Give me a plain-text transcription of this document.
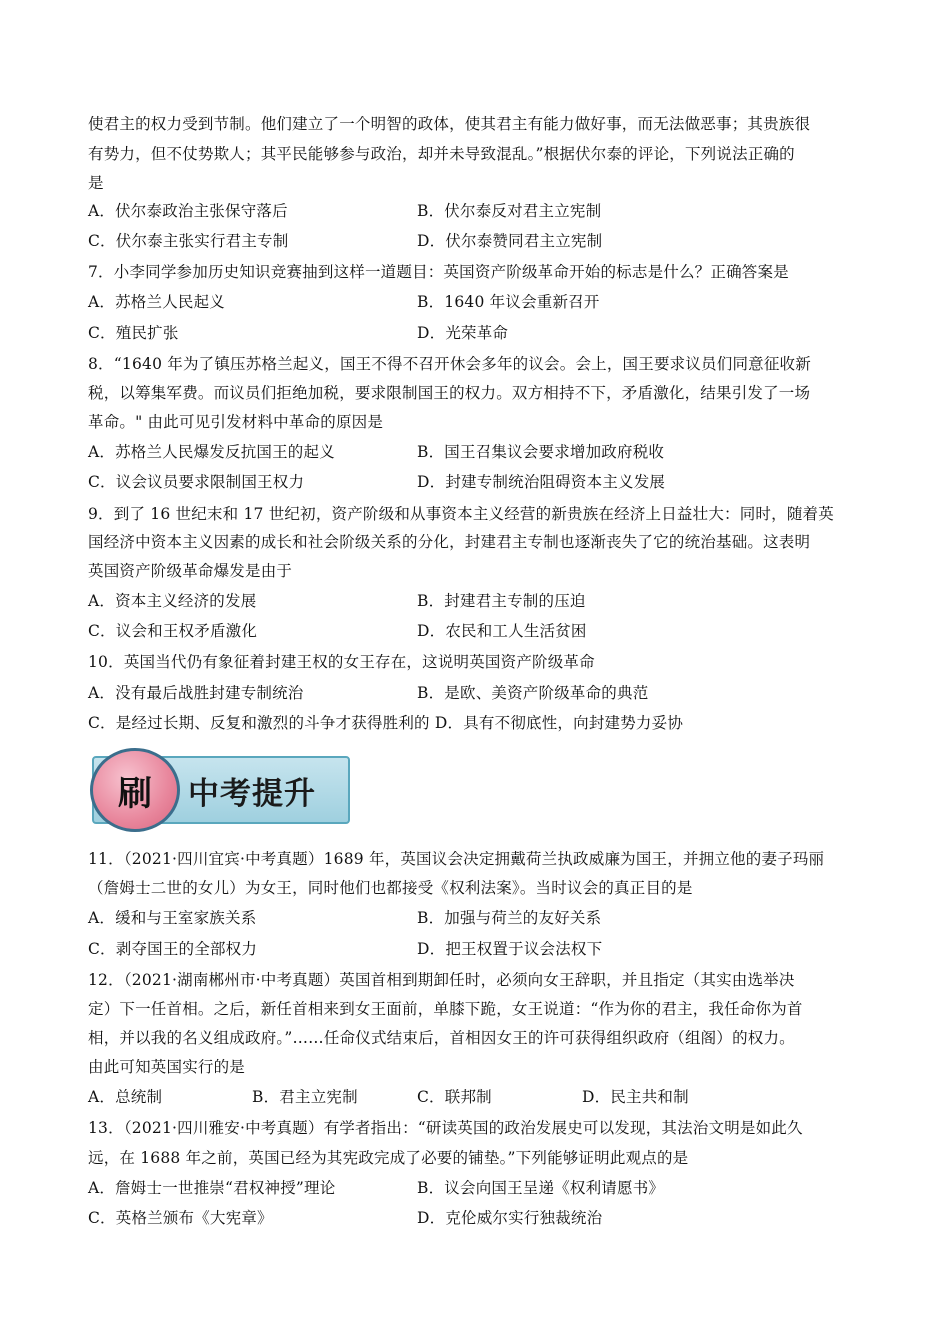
使君主的权力受到节制。他们建立了一个明智的政体，使其君主有能力做好事，而无法做恶事；其贵族很
有势力，但不仗势欺人；其平民能够参与政治，却并未导致混乱。”根据伏尔泰的评论，下列说法正确的
是
A．伏尔泰政治主张保守落后	B．伏尔泰反对君主立宪制
C．伏尔泰主张实行君主专制	D．伏尔泰赞同君主立宪制
7．小李同学参加历史知识竞赛抽到这样一道题目：英国资产阶级革命开始的标志是什么？正确答案是
A．苏格兰人民起义	B．1640 年议会重新召开
C．殖民扩张	D．光荣革命
8．“1640 年为了镇压苏格兰起义，国王不得不召开休会多年的议会。会上，国王要求议员们同意征收新
税，以筹集军费。而议员们拒绝加税，要求限制国王的权力。双方相持不下，矛盾激化，结果引发了一场
革命。" 由此可见引发材料中革命的原因是
A．苏格兰人民爆发反抗国王的起义	B．国王召集议会要求增加政府税收
C．议会议员要求限制国王权力	D．封建专制统治阻碍资本主义发展
9．到了 16 世纪末和 17 世纪初，资产阶级和从事资本主义经营的新贵族在经济上日益壮大：同时，随着英
国经济中资本主义因素的成长和社会阶级关系的分化，封建君主专制也逐渐丧失了它的统治基础。这表明
英国资产阶级革命爆发是由于
A．资本主义经济的发展	B．封建君主专制的压迫
C．议会和王权矛盾激化	D．农民和工人生活贫困
10．英国当代仍有象征着封建王权的女王存在，这说明英国资产阶级革命
A．没有最后战胜封建专制统治	B．是欧、美资产阶级革命的典范
C．是经过长期、反复和激烈的斗争才获得胜利的 D．具有不彻底性，向封建势力妥协
中考提升
刷
11．（2021·四川宜宾·中考真题）1689 年，英国议会决定拥戴荷兰执政威廉为国王，并拥立他的妻子玛丽
（詹姆士二世的女儿）为女王，同时他们也都接受《权利法案》。当时议会的真正目的是
A．缓和与王室家族关系	B．加强与荷兰的友好关系
C．剥夺国王的全部权力	D．把王权置于议会法权下
12．（2021·湖南郴州市·中考真题）英国首相到期卸任时，必须向女王辞职，并且指定（其实由选举决
定）下一任首相。之后，新任首相来到女王面前，单膝下跪，女王说道：“作为你的君主，我任命你为首
相，并以我的名义组成政府。”……任命仪式结束后，首相因女王的许可获得组织政府（组阁）的权力。
由此可知英国实行的是
A．总统制	B．君主立宪制	C．联邦制	D．民主共和制
13．（2021·四川雅安·中考真题）有学者指出：“研读英国的政治发展史可以发现，其法治文明是如此久
远，在 1688 年之前，英国已经为其宪政完成了必要的铺垫。”下列能够证明此观点的是
A．詹姆士一世推崇“君权神授”理论	B．议会向国王呈递《权利请愿书》
C．英格兰颁布《大宪章》	D．克伦威尔实行独裁统治
